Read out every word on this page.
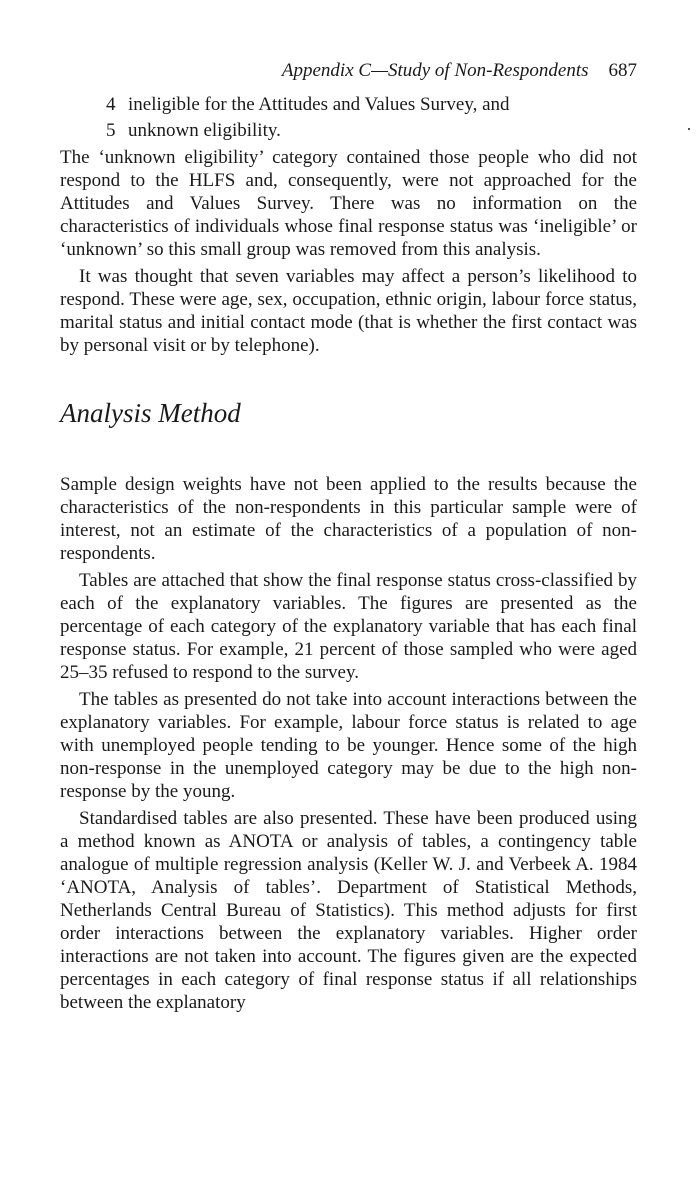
Appendix C—Study of Non-Respondents 687
4 ineligible for the Attitudes and Values Survey, and
5 unknown eligibility.

The ‘unknown eligibility’ category contained those people who did not respond to the HLFS and, consequently, were not approached for the Attitudes and Values Survey. There was no information on the characteristics of individuals whose final response status was ‘ineligible’ or ‘unknown’ so this small group was removed from this analysis.

It was thought that seven variables may affect a person’s likelihood to respond. These were age, sex, occupation, ethnic origin, labour force status, marital status and initial contact mode (that is whether the first contact was by personal visit or by telephone).

Analysis Method

Sample design weights have not been applied to the results because the characteristics of the non-respondents in this particular sample were of interest, not an estimate of the characteristics of a population of non-respondents.

Tables are attached that show the final response status cross-classified by each of the explanatory variables. The figures are presented as the percentage of each category of the explanatory variable that has each final response status. For example, 21 percent of those sampled who were aged 25–35 refused to respond to the survey.

The tables as presented do not take into account interactions between the explanatory variables. For example, labour force status is related to age with unemployed people tending to be younger. Hence some of the high non-response in the unemployed category may be due to the high non-response by the young.

Standardised tables are also presented. These have been produced using a method known as ANOTA or analysis of tables, a contingency table analogue of multiple regression analysis (Keller W. J. and Verbeek A. 1984 ‘ANOTA, Analysis of tables’. Department of Statistical Methods, Netherlands Central Bureau of Statistics). This method adjusts for first order interactions between the explanatory variables. Higher order interactions are not taken into account. The figures given are the expected percentages in each category of final response status if all relationships between the explanatory
